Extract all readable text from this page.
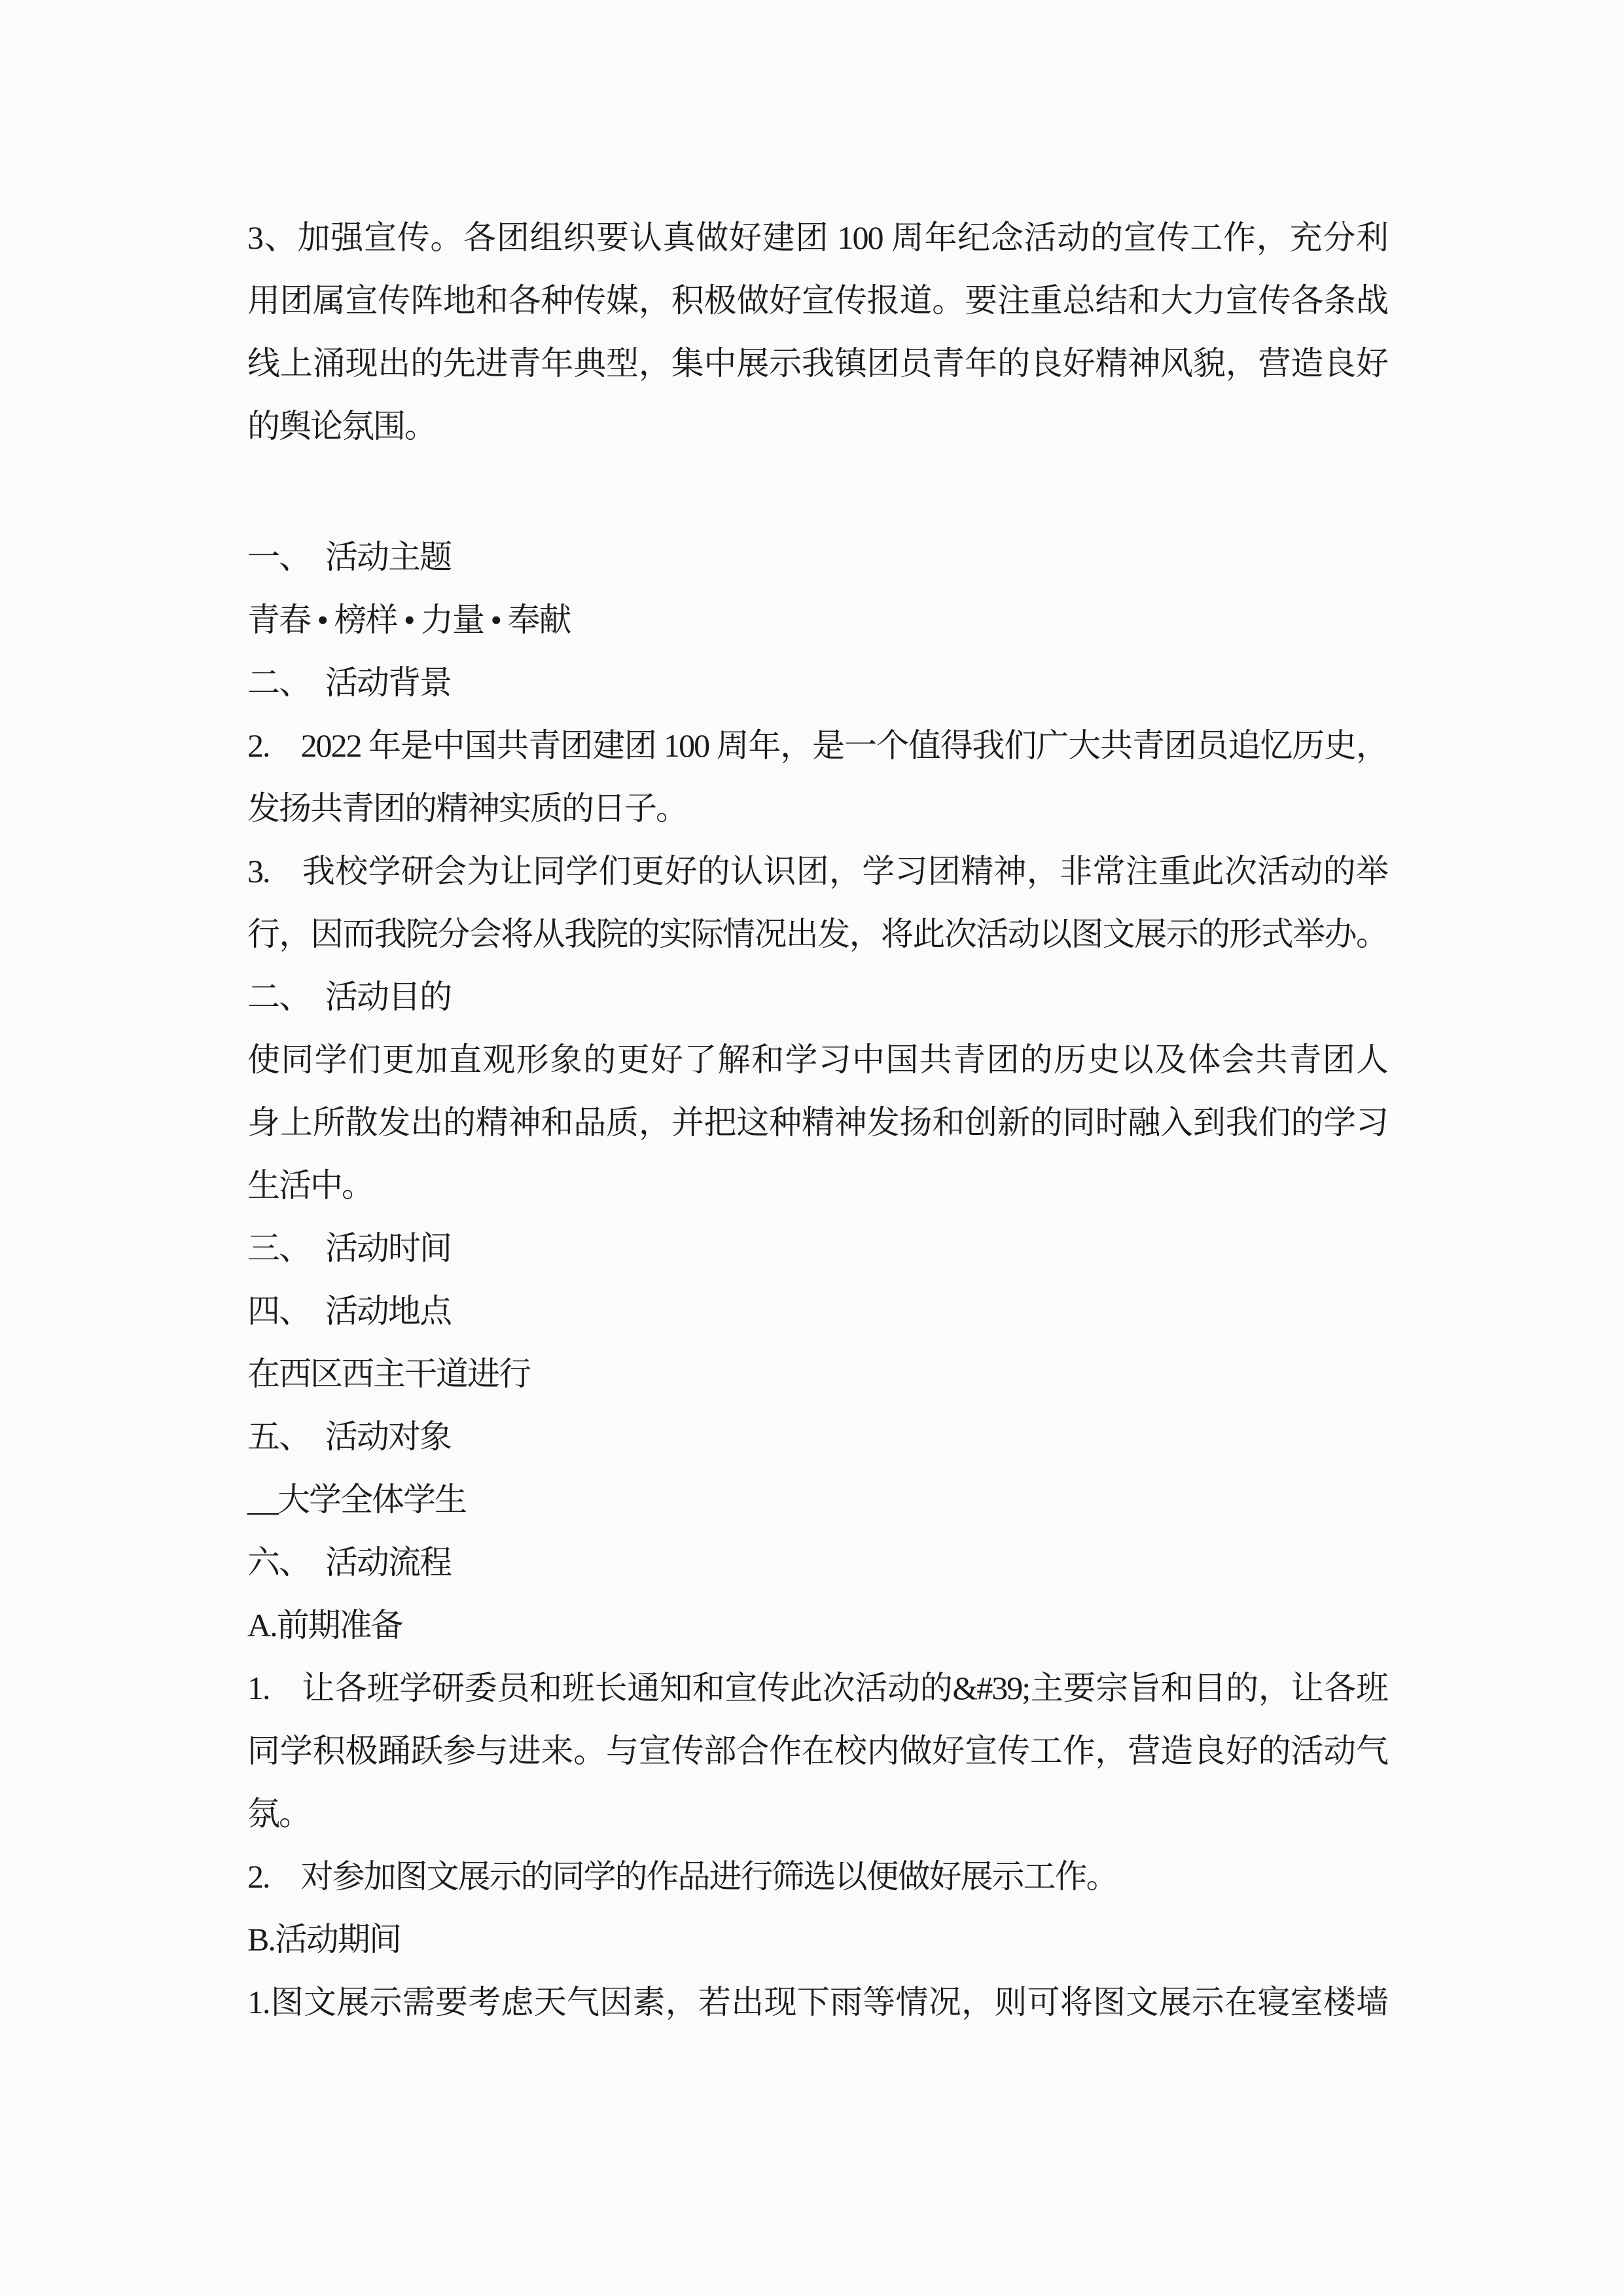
3、加强宣传。各团组织要认真做好建团 100 周年纪念活动的宣传工作，充分利
用团属宣传阵地和各种传媒，积极做好宣传报道。要注重总结和大力宣传各条战
线上涌现出的先进青年典型，集中展示我镇团员青年的良好精神风貌，营造良好
的舆论氛围。
一、 活动主题
青春 • 榜样 • 力量 • 奉献
二、 活动背景
2. 2022 年是中国共青团建团 100 周年，是一个值得我们广大共青团员追忆历史，
发扬共青团的精神实质的日子。
3. 我校学研会为让同学们更好的认识团，学习团精神，非常注重此次活动的举
行，因而我院分会将从我院的实际情况出发，将此次活动以图文展示的形式举办。
二、 活动目的
使同学们更加直观形象的更好了解和学习中国共青团的历史以及体会共青团人
身上所散发出的精神和品质，并把这种精神发扬和创新的同时融入到我们的学习
生活中。
三、 活动时间
四、 活动地点
在西区西主干道进行
五、 活动对象
__大学全体学生
六、 活动流程
A.前期准备
1. 让各班学研委员和班长通知和宣传此次活动的&#39;主要宗旨和目的，让各班
同学积极踊跃参与进来。与宣传部合作在校内做好宣传工作，营造良好的活动气
氛。
2. 对参加图文展示的同学的作品进行筛选以便做好展示工作。
B.活动期间
1.图文展示需要考虑天气因素，若出现下雨等情况，则可将图文展示在寝室楼墙
